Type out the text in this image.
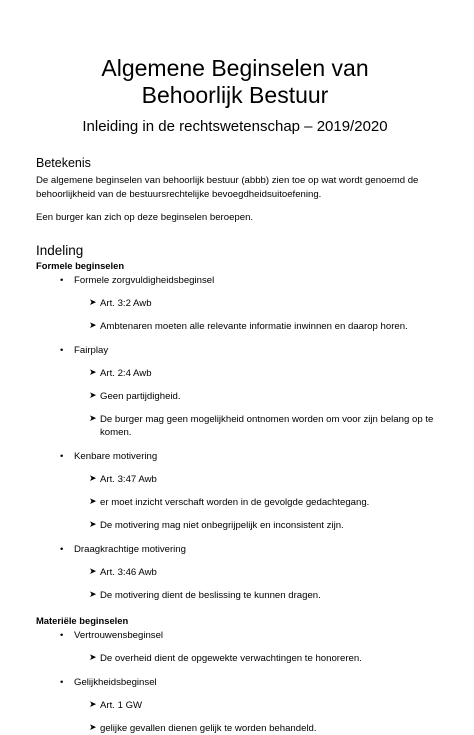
Algemene Beginselen van
Behoorlijk Bestuur
Inleiding in de rechtswetenschap – 2019/2020
Betekenis

De algemene beginselen van behoorlijk bestuur (abbb) zien toe op wat wordt genoemd de behoorlijkheid van de bestuursrechtelijke bevoegdheidsuitoefening.

Een burger kan zich op deze beginselen beroepen.

Indeling
Formele beginselen
• Formele zorgvuldigheidsbeginsel
➤ Art. 3:2 Awb
➤ Ambtenaren moeten alle relevante informatie inwinnen en daarop horen.
• Fairplay
➤ Art. 2:4 Awb
➤ Geen partijdigheid.
➤ De burger mag geen mogelijkheid ontnomen worden om voor zijn belang op te komen.
• Kenbare motivering
➤ Art. 3:47 Awb
➤ er moet inzicht verschaft worden in de gevolgde gedachtegang.
➤ De motivering mag niet onbegrijpelijk en inconsistent zijn.
• Draagkrachtige motivering
➤ Art. 3:46 Awb
➤ De motivering dient de beslissing te kunnen dragen.
Materiële beginselen
• Vertrouwensbeginsel
➤ De overheid dient de opgewekte verwachtingen te honoreren.
• Gelijkheidsbeginsel
➤ Art. 1 GW
➤ gelijke gevallen dienen gelijk te worden behandeld.
